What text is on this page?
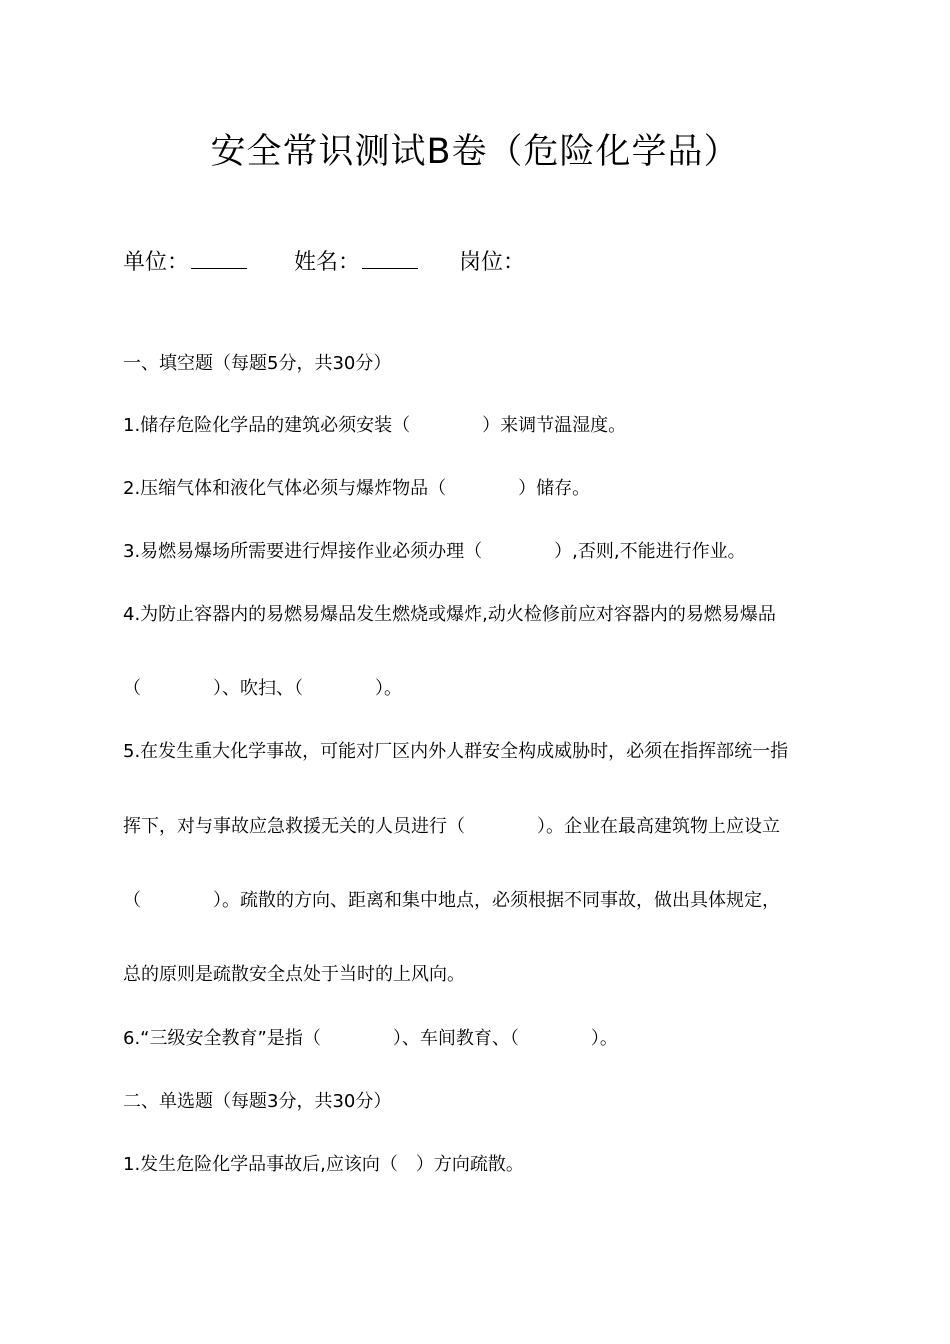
安全常识测试B卷（危险化学品）
单位：	姓名：	岗位：
一、填空题（每题5分，共30分）
1.储存危险化学品的建筑必须安装（　　　　）来调节温湿度。
2.压缩气体和液化气体必须与爆炸物品（　　　　）储存。
3.易燃易爆场所需要进行焊接作业必须办理（　　　　）,否则,不能进行作业。
4.为防止容器内的易燃易爆品发生燃烧或爆炸,动火检修前应对容器内的易燃易爆品
（　　　　）、吹扫、（　　　　）。
5.在发生重大化学事故，可能对厂区内外人群安全构成威胁时，必须在指挥部统一指
挥下，对与事故应急救援无关的人员进行（　　　　）。企业在最高建筑物上应设立
（　　　　）。疏散的方向、距离和集中地点，必须根据不同事故，做出具体规定，
总的原则是疏散安全点处于当时的上风向。
6.“三级安全教育”是指（　　　　）、车间教育、（　　　　）。
二、单选题（每题3分，共30分）
1.发生危险化学品事故后,应该向（　）方向疏散。
